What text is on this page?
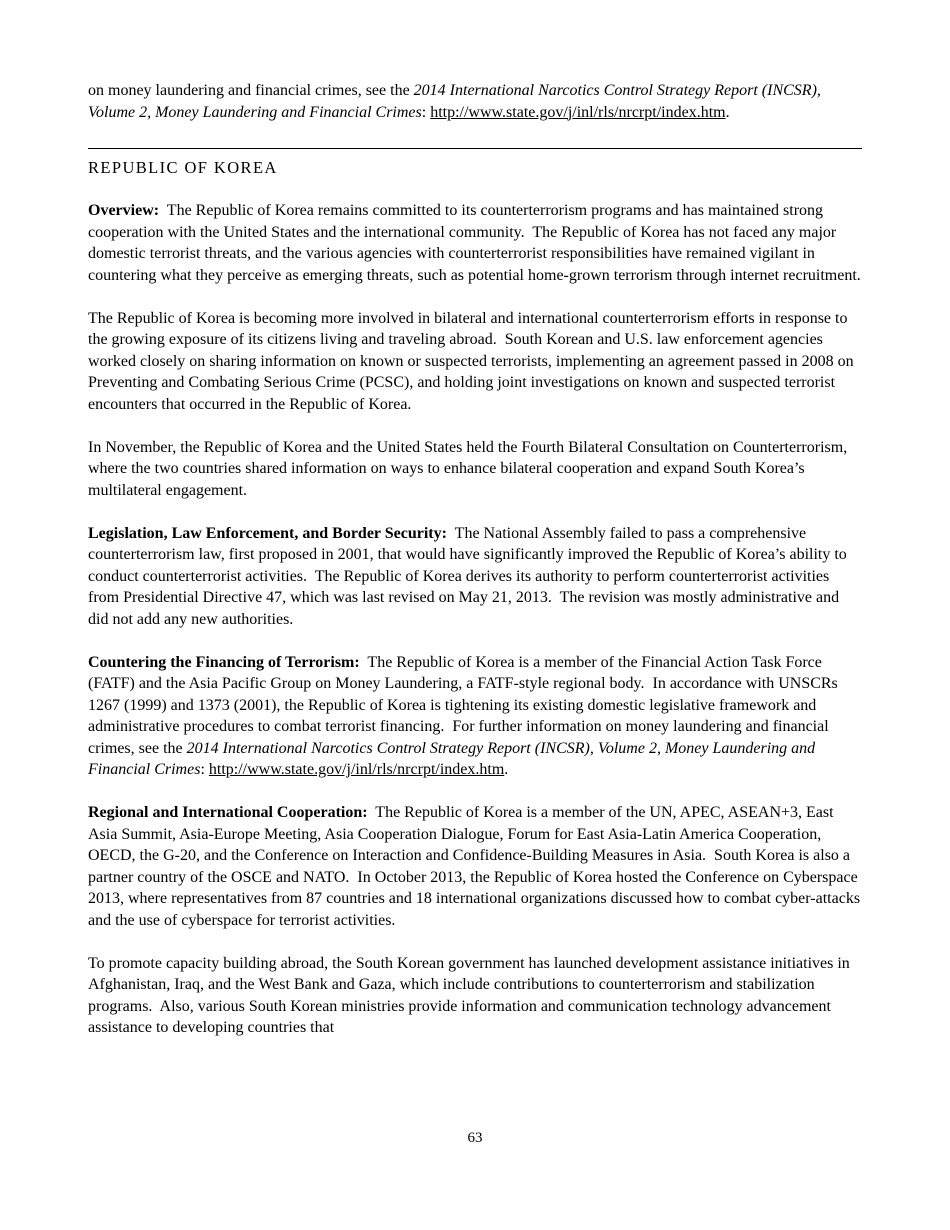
on money laundering and financial crimes, see the 2014 International Narcotics Control Strategy Report (INCSR), Volume 2, Money Laundering and Financial Crimes: http://www.state.gov/j/inl/rls/nrcrpt/index.htm.

REPUBLIC OF KOREA

Overview:  The Republic of Korea remains committed to its counterterrorism programs and has maintained strong cooperation with the United States and the international community.  The Republic of Korea has not faced any major domestic terrorist threats, and the various agencies with counterterrorist responsibilities have remained vigilant in countering what they perceive as emerging threats, such as potential home-grown terrorism through internet recruitment.

The Republic of Korea is becoming more involved in bilateral and international counterterrorism efforts in response to the growing exposure of its citizens living and traveling abroad.  South Korean and U.S. law enforcement agencies worked closely on sharing information on known or suspected terrorists, implementing an agreement passed in 2008 on Preventing and Combating Serious Crime (PCSC), and holding joint investigations on known and suspected terrorist encounters that occurred in the Republic of Korea.

In November, the Republic of Korea and the United States held the Fourth Bilateral Consultation on Counterterrorism, where the two countries shared information on ways to enhance bilateral cooperation and expand South Korea’s multilateral engagement.

Legislation, Law Enforcement, and Border Security:  The National Assembly failed to pass a comprehensive counterterrorism law, first proposed in 2001, that would have significantly improved the Republic of Korea’s ability to conduct counterterrorist activities.  The Republic of Korea derives its authority to perform counterterrorist activities from Presidential Directive 47, which was last revised on May 21, 2013.  The revision was mostly administrative and did not add any new authorities.

Countering the Financing of Terrorism:  The Republic of Korea is a member of the Financial Action Task Force (FATF) and the Asia Pacific Group on Money Laundering, a FATF-style regional body.  In accordance with UNSCRs 1267 (1999) and 1373 (2001), the Republic of Korea is tightening its existing domestic legislative framework and administrative procedures to combat terrorist financing.  For further information on money laundering and financial crimes, see the 2014 International Narcotics Control Strategy Report (INCSR), Volume 2, Money Laundering and Financial Crimes: http://www.state.gov/j/inl/rls/nrcrpt/index.htm.

Regional and International Cooperation:  The Republic of Korea is a member of the UN, APEC, ASEAN+3, East Asia Summit, Asia-Europe Meeting, Asia Cooperation Dialogue, Forum for East Asia-Latin America Cooperation, OECD, the G-20, and the Conference on Interaction and Confidence-Building Measures in Asia.  South Korea is also a partner country of the OSCE and NATO.  In October 2013, the Republic of Korea hosted the Conference on Cyberspace 2013, where representatives from 87 countries and 18 international organizations discussed how to combat cyber-attacks and the use of cyberspace for terrorist activities.

To promote capacity building abroad, the South Korean government has launched development assistance initiatives in Afghanistan, Iraq, and the West Bank and Gaza, which include contributions to counterterrorism and stabilization programs.  Also, various South Korean ministries provide information and communication technology advancement assistance to developing countries that

63
